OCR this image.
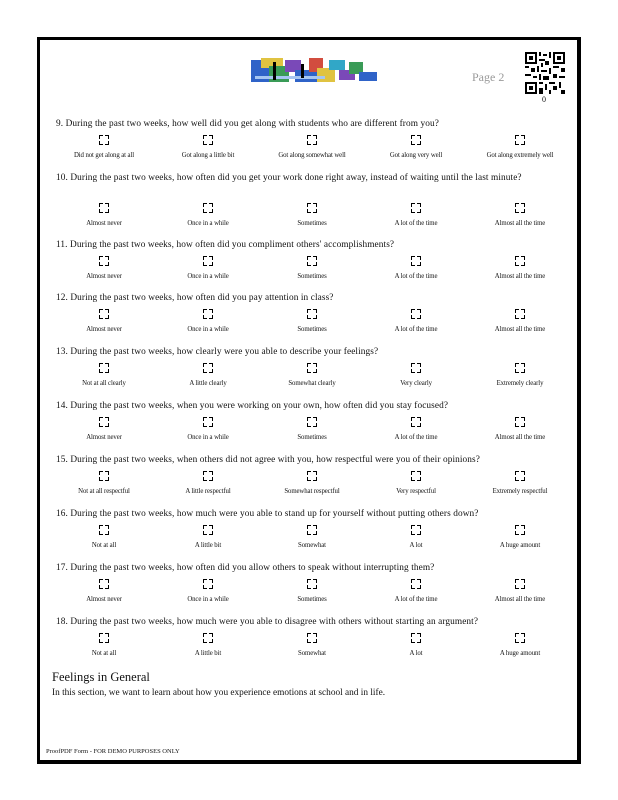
Page 2
0
9. During the past two weeks, how well did you get along with students who are different from you?
Did not get along at all	Got along a little bit	Got along somewhat well	Got along very well	Got along extremely well
10. During the past two weeks, how often did you get your work done right away, instead of waiting until the last minute?
Almost never	Once in a while	Sometimes	A lot of the time	Almost all the time
11. During the past two weeks, how often did you compliment others' accomplishments?
Almost never	Once in a while	Sometimes	A lot of the time	Almost all the time
12. During the past two weeks, how often did you pay attention in class?
Almost never	Once in a while	Sometimes	A lot of the time	Almost all the time
13. During the past two weeks, how clearly were you able to describe your feelings?
Not at all clearly	A little clearly	Somewhat clearly	Very clearly	Extremely clearly
14. During the past two weeks, when you were working on your own, how often did you stay focused?
Almost never	Once in a while	Sometimes	A lot of the time	Almost all the time
15. During the past two weeks, when others did not agree with you, how respectful were you of their opinions?
Not at all respectful	A little respectful	Somewhat respectful	Very respectful	Extremely respectful
16. During the past two weeks, how much were you able to stand up for yourself without putting others down?
Not at all	A little bit	Somewhat	A lot	A huge amount
17. During the past two weeks, how often did you allow others to speak without interrupting them?
Almost never	Once in a while	Sometimes	A lot of the time	Almost all the time
18. During the past two weeks, how much were you able to disagree with others without starting an argument?
Not at all	A little bit	Somewhat	A lot	A huge amount
Feelings in General
In this section, we want to learn about how you experience emotions at school and in life.
ProofPDF Form - FOR DEMO PURPOSES ONLY
